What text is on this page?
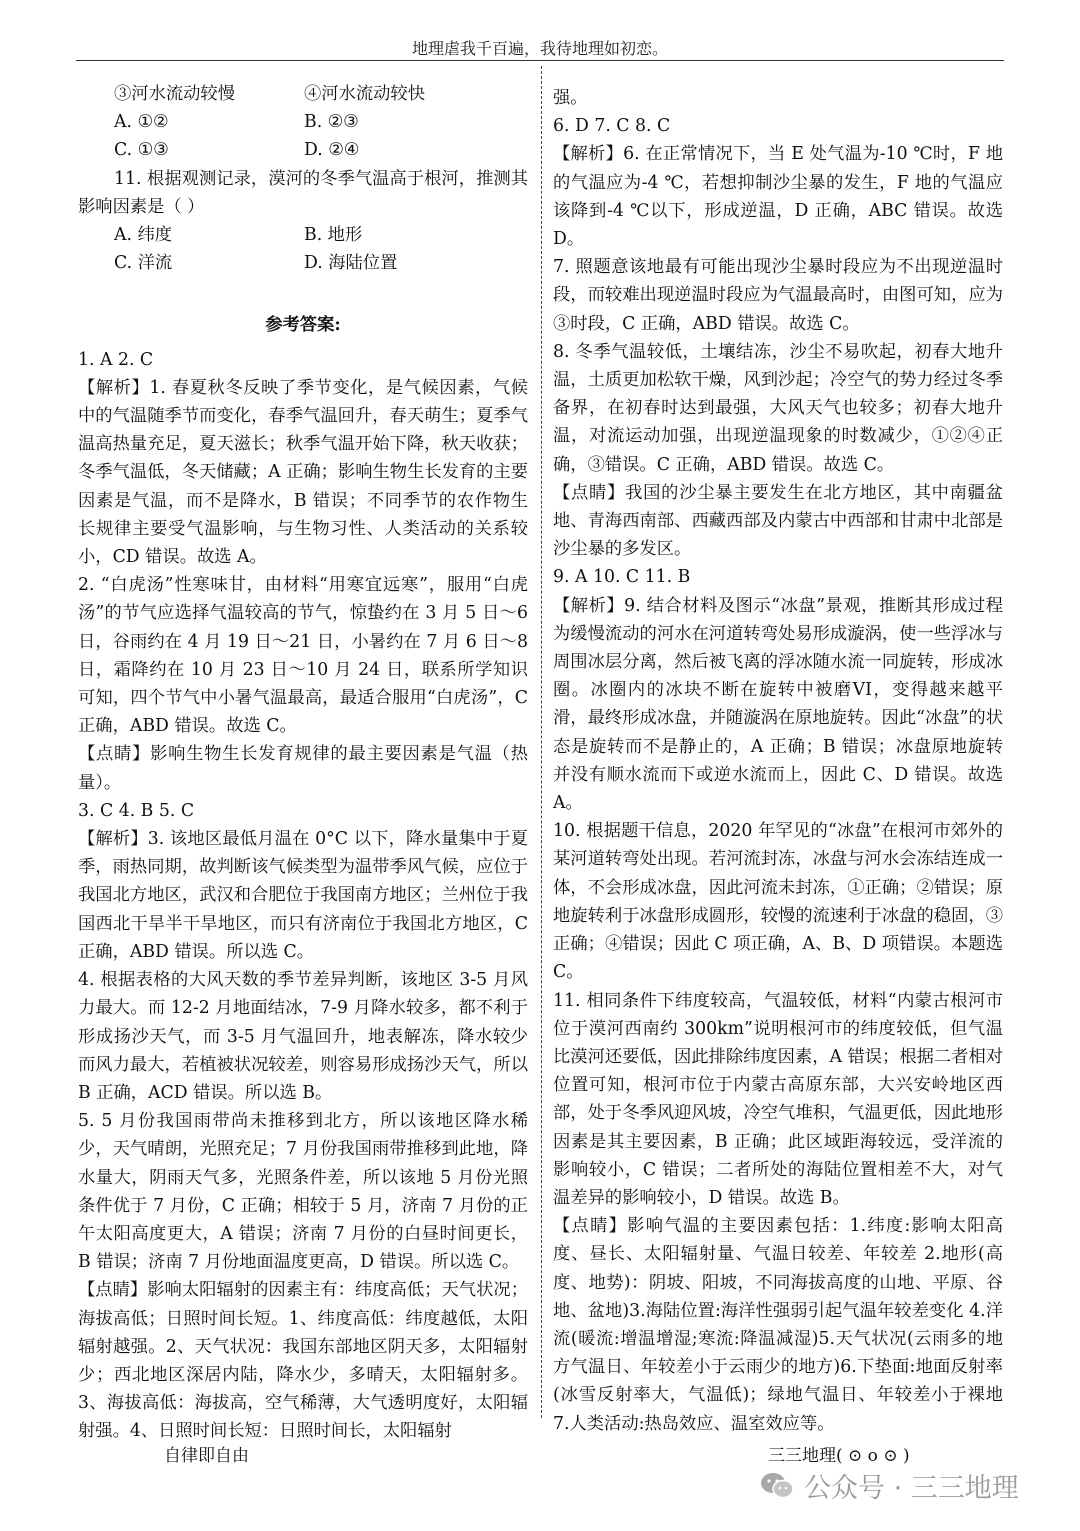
地理虐我千百遍，我待地理如初恋。
③河水流动较慢	④河水流动较快
A. ①②	B. ②③
C. ①③	D. ②④

11. 根据观测记录，漠河的冬季气温高于根河，推测其影响因素是（ ）

A. 纬度	B. 地形
C. 洋流	D. 海陆位置
参考答案:

1. A 2. C

【解析】1. 春夏秋冬反映了季节变化，是气候因素，气候中的气温随季节而变化，春季气温回升，春天萌生；夏季气温高热量充足，夏天滋长；秋季气温开始下降，秋天收获；冬季气温低，冬天储藏；A 正确；影响生物生长发育的主要因素是气温，而不是降水，B 错误；不同季节的农作物生长规律主要受气温影响，与生物习性、人类活动的关系较小，CD 错误。故选 A。

2. “白虎汤”性寒味甘，由材料“用寒宜远寒”，服用“白虎汤”的节气应选择气温较高的节气，惊蛰约在 3 月 5 日～6 日，谷雨约在 4 月 19 日～21 日，小暑约在 7 月 6 日～8 日，霜降约在 10 月 23 日～10 月 24 日，联系所学知识可知，四个节气中小暑气温最高，最适合服用“白虎汤”，C 正确，ABD 错误。故选 C。

【点睛】影响生物生长发育规律的最主要因素是气温（热量）。

3. C 4. B 5. C

【解析】3. 该地区最低月温在 0°C 以下，降水量集中于夏季，雨热同期，故判断该气候类型为温带季风气候，应位于我国北方地区，武汉和合肥位于我国南方地区；兰州位于我国西北干旱半干旱地区，而只有济南位于我国北方地区，C 正确，ABD 错误。所以选 C。

4. 根据表格的大风天数的季节差异判断，该地区 3-5 月风力最大。而 12-2 月地面结冰，7-9 月降水较多，都不利于形成扬沙天气，而 3-5 月气温回升，地表解冻，降水较少而风力最大，若植被状况较差，则容易形成扬沙天气，所以 B 正确，ACD 错误。所以选 B。

5. 5 月份我国雨带尚未推移到北方，所以该地区降水稀少，天气晴朗，光照充足；7 月份我国雨带推移到此地，降水量大，阴雨天气多，光照条件差，所以该地 5 月份光照条件优于 7 月份，C 正确；相较于 5 月，济南 7 月份的正午太阳高度更大，A 错误；济南 7 月份的白昼时间更长，B 错误；济南 7 月份地面温度更高，D 错误。所以选 C。

【点睛】影响太阳辐射的因素主有：纬度高低；天气状况；海拔高低；日照时间长短。1、纬度高低：纬度越低，太阳辐射越强。2、天气状况：我国东部地区阴天多，太阳辐射少；西北地区深居内陆，降水少，多晴天，太阳辐射多。3、海拔高低：海拔高，空气稀薄，大气透明度好，太阳辐射强。4、日照时间长短：日照时间长，太阳辐射

强。

6. D 7. C 8. C

【解析】6. 在正常情况下，当 E 处气温为-10 ℃时，F 地的气温应为-4 ℃，若想抑制沙尘暴的发生，F 地的气温应该降到-4 ℃以下，形成逆温，D 正确，ABC 错误。故选 D。

7. 照题意该地最有可能出现沙尘暴时段应为不出现逆温时段，而较难出现逆温时段应为气温最高时，由图可知，应为③时段，C 正确，ABD 错误。故选 C。

8. 冬季气温较低，土壤结冻，沙尘不易吹起，初春大地升温，土质更加松软干燥，风到沙起；冷空气的势力经过冬季备界，在初春时达到最强，大风天气也较多；初春大地升温，对流运动加强，出现逆温现象的时数减少，①②④正确，③错误。C 正确，ABD 错误。故选 C。

【点睛】我国的沙尘暴主要发生在北方地区，其中南疆盆地、青海西南部、西藏西部及内蒙古中西部和甘肃中北部是沙尘暴的多发区。

9. A 10. C 11. B

【解析】9. 结合材料及图示“冰盘”景观，推断其形成过程为缓慢流动的河水在河道转弯处易形成漩涡，使一些浮冰与周围冰层分离，然后被飞离的浮冰随水流一同旋转，形成冰圈。冰圈内的冰块不断在旋转中被磨VI，变得越来越平滑，最终形成冰盘，并随漩涡在原地旋转。因此“冰盘”的状态是旋转而不是静止的，A 正确；B 错误；冰盘原地旋转并没有顺水流而下或逆水流而上，因此 C、D 错误。故选 A。

10. 根据题干信息，2020 年罕见的“冰盘”在根河市郊外的某河道转弯处出现。若河流封冻，冰盘与河水会冻结连成一体，不会形成冰盘，因此河流未封冻，①正确；②错误；原地旋转利于冰盘形成圆形，较慢的流速利于冰盘的稳固，③正确；④错误；因此 C 项正确，A、B、D 项错误。本题选 C。

11. 相同条件下纬度较高，气温较低，材料“内蒙古根河市位于漠河西南约 300km”说明根河市的纬度较低，但气温比漠河还要低，因此排除纬度因素，A 错误；根据二者相对位置可知，根河市位于内蒙古高原东部，大兴安岭地区西部，处于冬季风迎风坡，冷空气堆积，气温更低，因此地形因素是其主要因素，B 正确；此区域距海较远，受洋流的影响较小，C 错误；二者所处的海陆位置相差不大，对气温差异的影响较小，D 错误。故选 B。

【点睛】影响气温的主要因素包括：1.纬度:影响太阳高度、昼长、太阳辐射量、气温日较差、年较差 2.地形(高度、地势)：阴坡、阳坡，不同海拔高度的山地、平原、谷地、盆地)3.海陆位置:海洋性强弱引起气温年较差变化 4.洋流(暖流:增温增湿;寒流:降温减湿)5.天气状况(云雨多的地方气温日、年较差小于云雨少的地方)6.下垫面:地面反射率(冰雪反射率大，气温低)；绿地气温日、年较差小于裸地 7.人类活动:热岛效应、温室效应等。

自律即自由	三三地理( ⊙ o ⊙ )
公众号 · 三三地理
